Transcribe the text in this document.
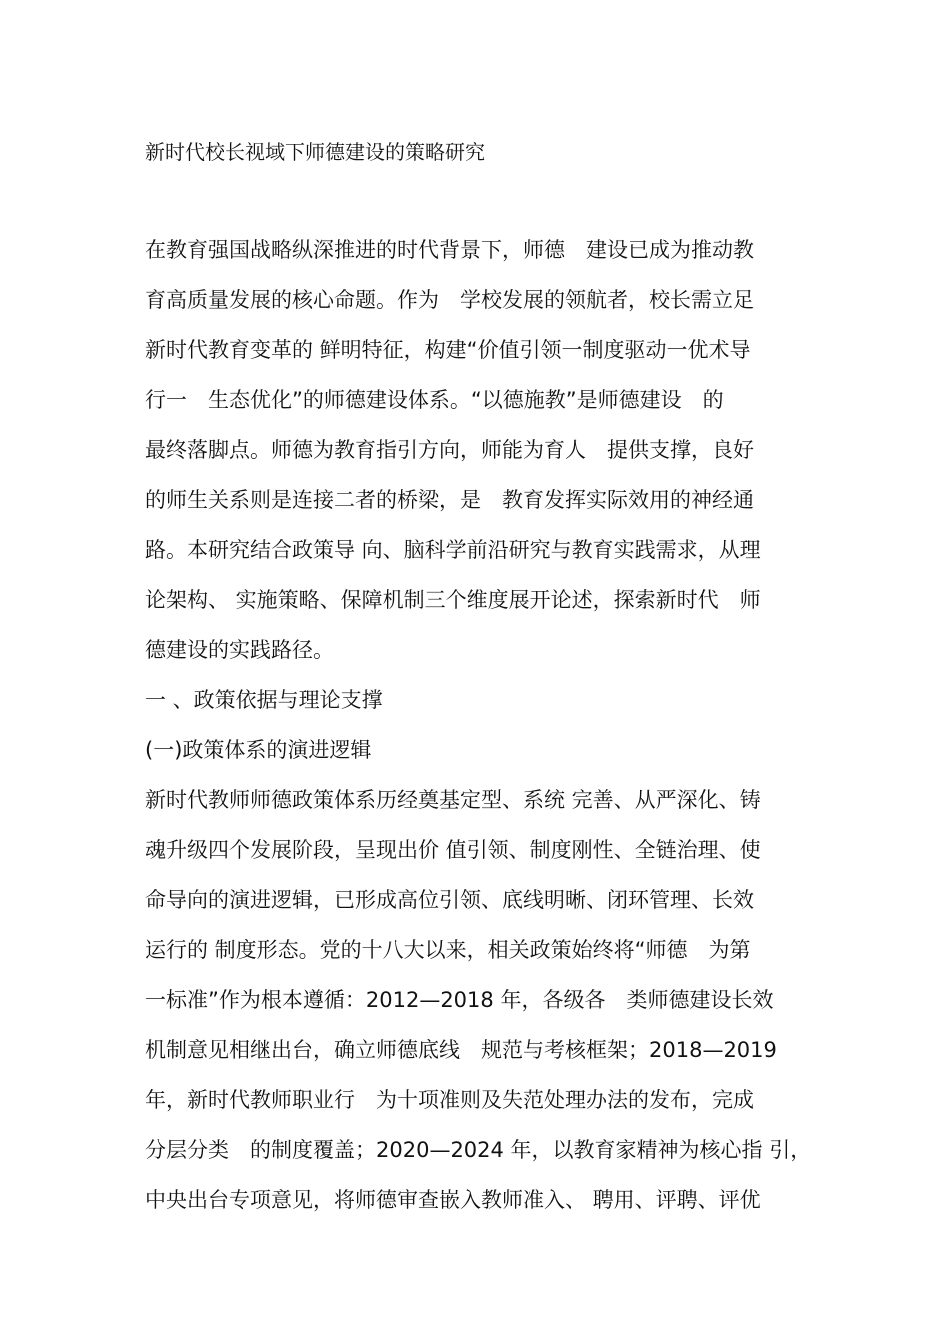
新时代校长视域下师德建设的策略研究
在教育强国战略纵深推进的时代背景下，师德　建设已成为推动教
育高质量发展的核心命题。作为　学校发展的领航者，校长需立足
新时代教育变革的 鲜明特征，构建“价值引领一制度驱动一优术导
行一　生态优化”的师德建设体系。“以德施教”是师德建设　的
最终落脚点。师德为教育指引方向，师能为育人　提供支撑，良好
的师生关系则是连接二者的桥梁，是　教育发挥实际效用的神经通
路。本研究结合政策导 向、脑科学前沿研究与教育实践需求，从理
论架构、 实施策略、保障机制三个维度展开论述，探索新时代　师
德建设的实践路径。
一 、政策依据与理论支撑
(一)政策体系的演进逻辑
新时代教师师德政策体系历经奠基定型、系统 完善、从严深化、铸
魂升级四个发展阶段，呈现出价 值引领、制度刚性、全链治理、使
命导向的演进逻辑，已形成高位引领、底线明晰、闭环管理、长效
运行的 制度形态。党的十八大以来，相关政策始终将“师德　为第
一标准”作为根本遵循：2012—2018 年，各级各　类师德建设长效
机制意见相继出台，确立师德底线　规范与考核框架；2018—2019
年，新时代教师职业行　为十项准则及失范处理办法的发布，完成
分层分类　的制度覆盖；2020—2024 年，以教育家精神为核心指 引，
中央出台专项意见，将师德审查嵌入教师准入、 聘用、评聘、评优
